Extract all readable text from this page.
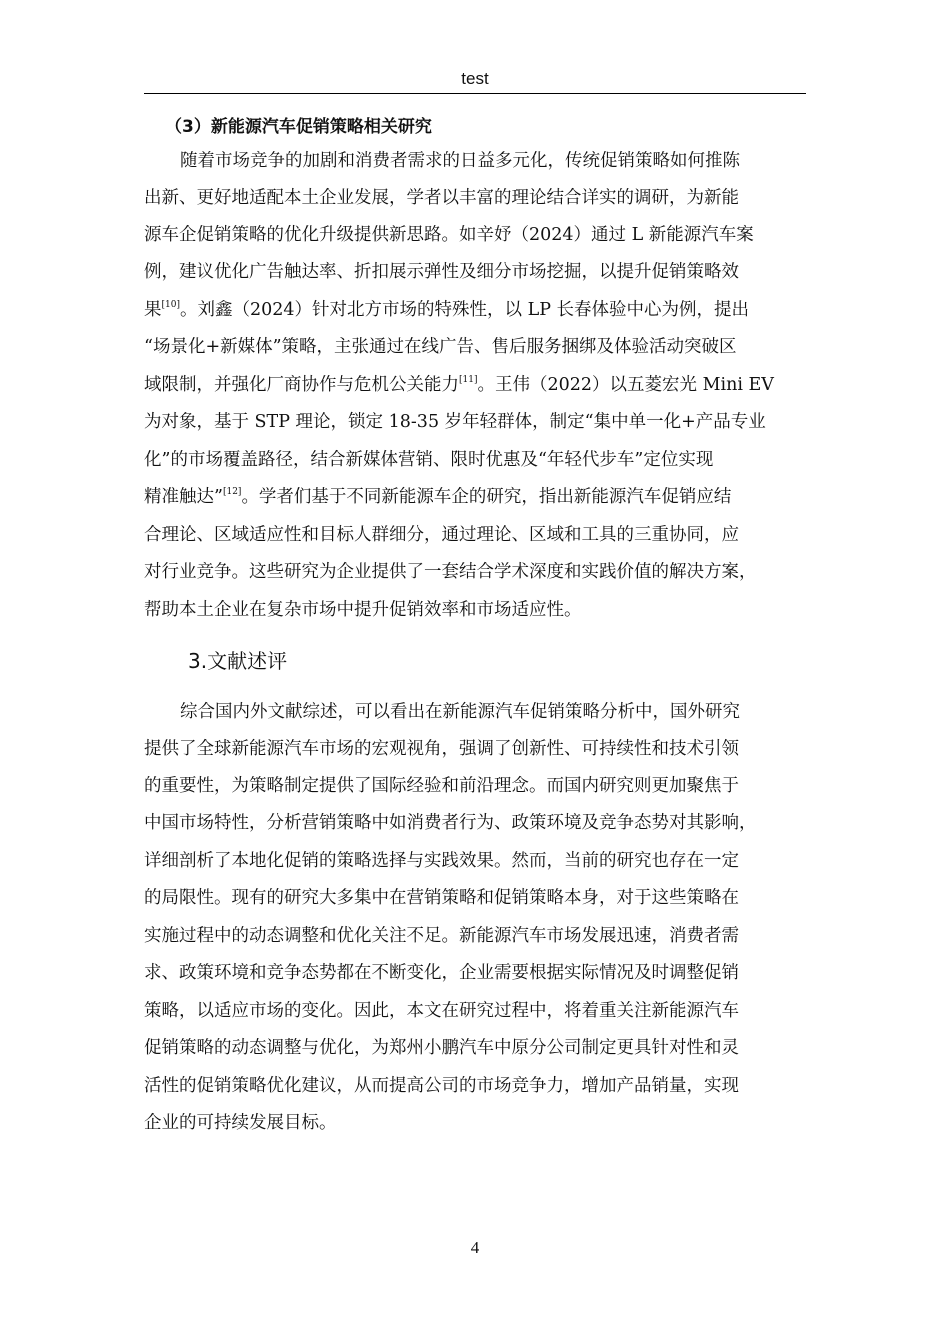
test
（3）新能源汽车促销策略相关研究
随着市场竞争的加剧和消费者需求的日益多元化，传统促销策略如何推陈
出新、更好地适配本土企业发展，学者以丰富的理论结合详实的调研，为新能
源车企促销策略的优化升级提供新思路。如辛妤（2024）通过 L 新能源汽车案
例，建议优化广告触达率、折扣展示弹性及细分市场挖掘，以提升促销策略效
果[10]。刘鑫（2024）针对北方市场的特殊性，以 LP 长春体验中心为例，提出
“场景化+新媒体”策略，主张通过在线广告、售后服务捆绑及体验活动突破区
域限制，并强化厂商协作与危机公关能力[11]。王伟（2022）以五菱宏光 Mini EV
为对象，基于 STP 理论，锁定 18-35 岁年轻群体，制定“集中单一化+产品专业
化”的市场覆盖路径，结合新媒体营销、限时优惠及“年轻代步车”定位实现
精准触达”[12]。学者们基于不同新能源车企的研究，指出新能源汽车促销应结
合理论、区域适应性和目标人群细分，通过理论、区域和工具的三重协同，应
对行业竞争。这些研究为企业提供了一套结合学术深度和实践价值的解决方案，
帮助本土企业在复杂市场中提升促销效率和市场适应性。
3.文献述评
综合国内外文献综述，可以看出在新能源汽车促销策略分析中，国外研究
提供了全球新能源汽车市场的宏观视角，强调了创新性、可持续性和技术引领
的重要性，为策略制定提供了国际经验和前沿理念。而国内研究则更加聚焦于
中国市场特性，分析营销策略中如消费者行为、政策环境及竞争态势对其影响，
详细剖析了本地化促销的策略选择与实践效果。然而，当前的研究也存在一定
的局限性。现有的研究大多集中在营销策略和促销策略本身，对于这些策略在
实施过程中的动态调整和优化关注不足。新能源汽车市场发展迅速，消费者需
求、政策环境和竞争态势都在不断变化，企业需要根据实际情况及时调整促销
策略，以适应市场的变化。因此，本文在研究过程中，将着重关注新能源汽车
促销策略的动态调整与优化，为郑州小鹏汽车中原分公司制定更具针对性和灵
活性的促销策略优化建议，从而提高公司的市场竞争力，增加产品销量，实现
企业的可持续发展目标。
4
